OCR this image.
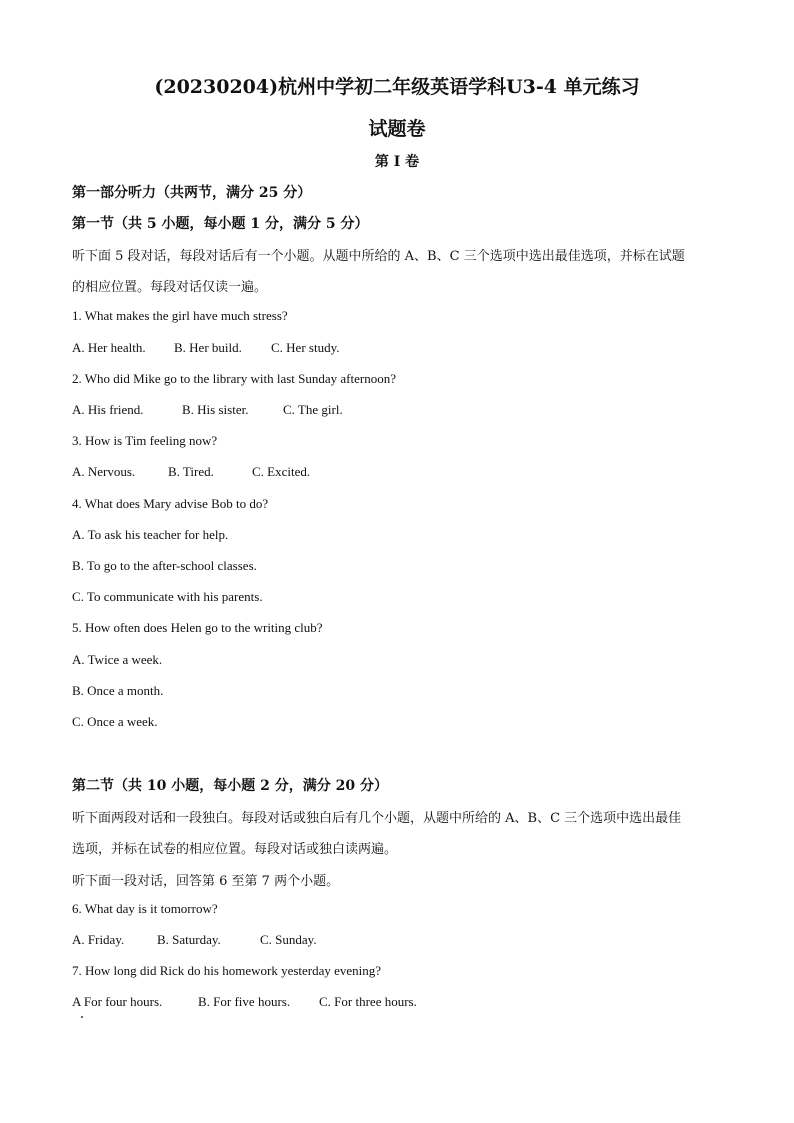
(20230204)杭州中学初二年级英语学科U3-4 单元练习
试题卷
第 I 卷
第一部分听力（共两节，满分 25 分）
第一节（共 5 小题，每小题 1 分，满分 5 分）
听下面 5 段对话，每段对话后有一个小题。从题中所给的 A、B、C 三个选项中选出最佳选项，并标在试题
的相应位置。每段对话仅读一遍。
1. What makes the girl have much stress?
A. Her health. B. Her build. C. Her study.
2. Who did Mike go to the library with last Sunday afternoon?
A. His friend.	B. His sister.	C. The girl.
3. How is Tim feeling now?
A. Nervous.	B. Tired.	C. Excited.
4. What does Mary advise Bob to do?
A. To ask his teacher for help.
B. To go to the after-school classes.
C. To communicate with his parents.
5. How often does Helen go to the writing club?
A. Twice a week.
B. Once a month.
C. Once a week.
第二节（共 10 小题，每小题 2 分，满分 20 分）
听下面两段对话和一段独白。每段对话或独白后有几个小题，从题中所给的 A、B、C 三个选项中选出最佳
选项，并标在试卷的相应位置。每段对话或独白读两遍。
听下面一段对话，回答第 6 至第 7 两个小题。
6. What day is it tomorrow?
A. Friday.	B. Saturday.	C. Sunday.
7. How long did Rick do his homework yesterday evening?
A For four hours.	B. For five hours. C. For three hours.
